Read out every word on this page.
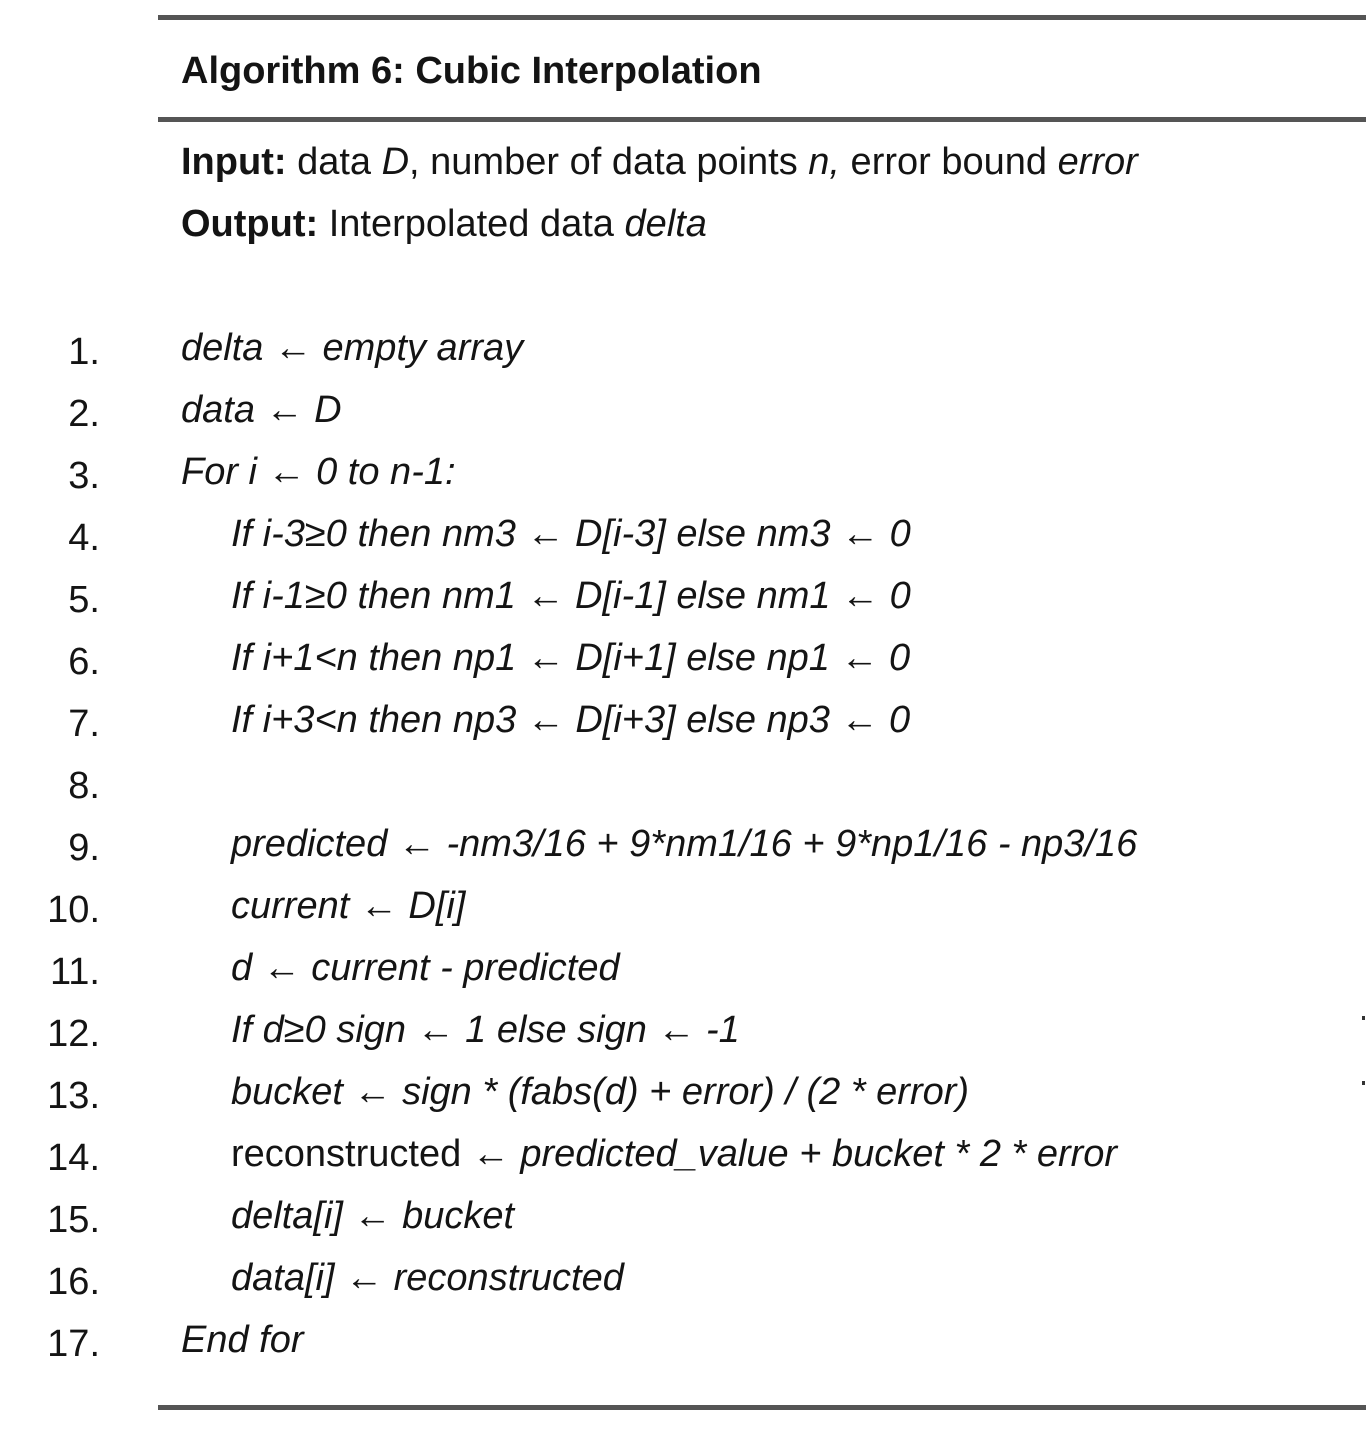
Algorithm 6: Cubic Interpolation
Input: data D, number of data points n, error bound error
Output: Interpolated data delta
1. delta ← empty array
2. data ← D
3. For i ← 0 to n-1:
4.	If i-3≥0 then nm3 ← D[i-3] else nm3 ← 0
5.	If i-1≥0 then nm1 ← D[i-1] else nm1 ← 0
6.	If i+1<n then np1 ← D[i+1] else np1 ← 0
7.	If i+3<n then np3 ← D[i+3] else np3 ← 0
8.
9.	predicted ← -nm3/16 + 9*nm1/16 + 9*np1/16 - np3/16
10.	current ← D[i]
11.	d ← current - predicted
12.	If d≥0 sign ← 1 else sign ← -1
13.	bucket ← sign * (fabs(d) + error) / (2 * error)
14.	reconstructed ← predicted_value + bucket * 2 * error
15.	delta[i] ← bucket
16.	data[i] ← reconstructed
17. End for
